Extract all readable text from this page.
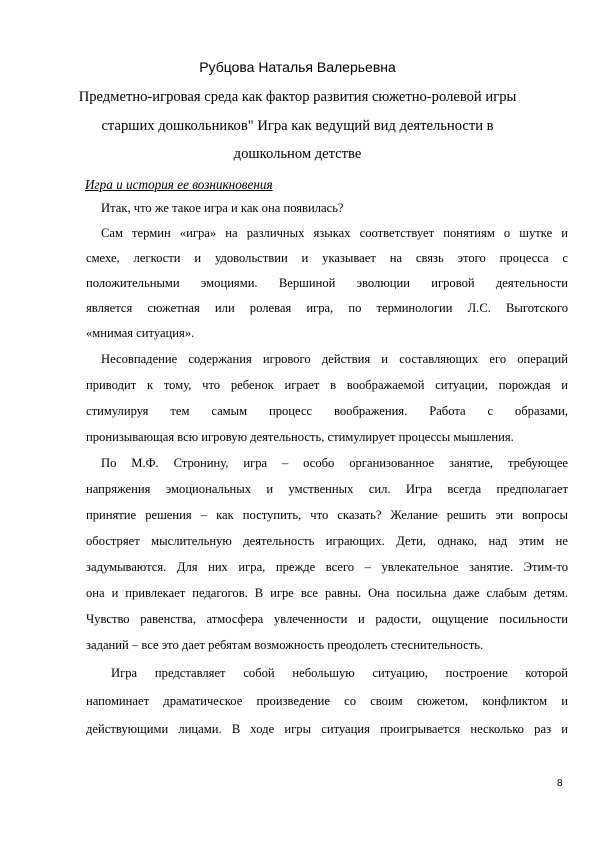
Рубцова Наталья Валерьевна
Предметно-игровая среда как фактор развития сюжетно-ролевой игры
старших дошкольников" Игра как ведущий вид деятельности в
дошкольном детстве
Игра и история ее возникновения
Итак, что же такое игра и как она появилась?
Сам термин «игра» на различных языках соответствует понятиям о шутке и
смехе, легкости и удовольствии и указывает на связь этого процесса с
положительными эмоциями. Вершиной эволюции игровой деятельности
является сюжетная или ролевая игра, по терминологии Л.С. Выготского
«мнимая ситуация».
Несовпадение содержания игрового действия и составляющих его операций
приводит к тому, что ребенок играет в воображаемой ситуации, порождая и
стимулируя тем самым процесс воображения. Работа с образами,
пронизывающая всю игровую деятельность, стимулирует процессы мышления.
По М.Ф. Стронину, игра – особо организованное занятие, требующее
напряжения эмоциональных и умственных сил. Игра всегда предполагает
принятие решения – как поступить, что сказать? Желание решить эти вопросы
обостряет мыслительную деятельность играющих. Дети, однако, над этим не
задумываются. Для них игра, прежде всего – увлекательное занятие. Этим-то
она и привлекает педагогов. В игре все равны. Она посильна даже слабым детям.
Чувство равенства, атмосфера увлеченности и радости, ощущение посильности
заданий – все это дает ребятам возможность преодолеть стеснительность.
Игра представляет собой небольшую ситуацию, построение которой
напоминает драматическое произведение со своим сюжетом, конфликтом и
действующими лицами. В ходе игры ситуация проигрывается несколько раз и
8
